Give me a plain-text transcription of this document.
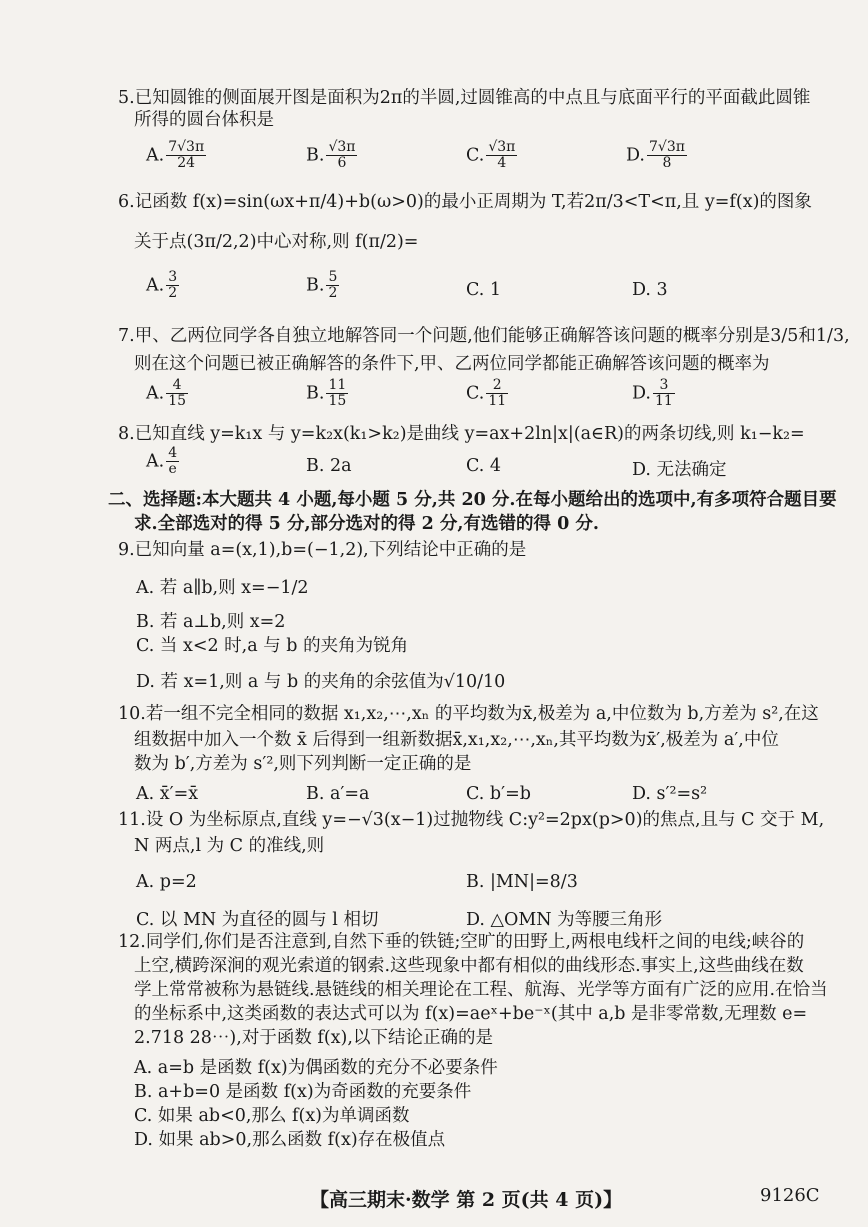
5.已知圆锥的侧面展开图是面积为2π的半圆,过圆锥高的中点且与底面平行的平面截此圆锥
所得的圆台体积是
A. $\frac{7√3\pi}{24}$	B. $\frac{√3\pi}{6}$	C. $\frac{√3\pi}{4}$	D. $\frac{7√3\pi}{8}$
6.记函数 f(x)=sin(ωx+π/4)+b(ω>0)的最小正周期为 T,若2π/3<T<π,且 y=f(x)的图象
关于点(3π/2,2)中心对称,则 f(π/2)=
A. $\frac{3}{2}$	B. $\frac{5}{2}$	C. 1	D. 3
7.甲、乙两位同学各自独立地解答同一个问题,他们能够正确解答该问题的概率分别是3/5和1/3,
则在这个问题已被正确解答的条件下,甲、乙两位同学都能正确解答该问题的概率为
A. $\frac{4}{15}$	B. $\frac{11}{15}$	C. $\frac{2}{11}$	D. $\frac{3}{11}$
8.已知直线 y=k₁x 与 y=k₂x(k₁>k₂)是曲线 y=ax+2ln|x|(a∈R)的两条切线,则 k₁−k₂=
A. $\frac{4}{e}$	B. 2a	C. 4	D. 无法确定
二、选择题:本大题共 4 小题,每小题 5 分,共 20 分.在每小题给出的选项中,有多项符合题目要
求.全部选对的得 5 分,部分选对的得 2 分,有选错的得 0 分.
9.已知向量 a=(x,1),b=(−1,2),下列结论中正确的是
A. 若 a∥b,则 x=−1/2
B. 若 a⊥b,则 x=2
C. 当 x<2 时,a 与 b 的夹角为锐角
D. 若 x=1,则 a 与 b 的夹角的余弦值为√10/10
10.若一组不完全相同的数据 x₁,x₂,⋯,xₙ 的平均数为x̄,极差为 a,中位数为 b,方差为 s²,在这
组数据中加入一个数 x̄ 后得到一组新数据x̄,x₁,x₂,⋯,xₙ,其平均数为x̄′,极差为 a′,中位
数为 b′,方差为 s′²,则下列判断一定正确的是
A. x̄′=x̄	B. a′=a	C. b′=b	D. s′²=s²
11.设 O 为坐标原点,直线 y=−√3(x−1)过抛物线 C:y²=2px(p>0)的焦点,且与 C 交于 M,
N 两点,l 为 C 的准线,则
A. p=2	B. |MN|=8/3
C. 以 MN 为直径的圆与 l 相切	D. △OMN 为等腰三角形
12.同学们,你们是否注意到,自然下垂的铁链;空旷的田野上,两根电线杆之间的电线;峡谷的
上空,横跨深涧的观光索道的钢索.这些现象中都有相似的曲线形态.事实上,这些曲线在数
学上常常被称为悬链线.悬链线的相关理论在工程、航海、光学等方面有广泛的应用.在恰当
的坐标系中,这类函数的表达式可以为 f(x)=aeˣ+be⁻ˣ(其中 a,b 是非零常数,无理数 e=
2.718 28⋯),对于函数 f(x),以下结论正确的是
A. a=b 是函数 f(x)为偶函数的充分不必要条件
B. a+b=0 是函数 f(x)为奇函数的充要条件
C. 如果 ab<0,那么 f(x)为单调函数
D. 如果 ab>0,那么函数 f(x)存在极值点
【高三期末·数学 第 2 页(共 4 页)】	9126C
